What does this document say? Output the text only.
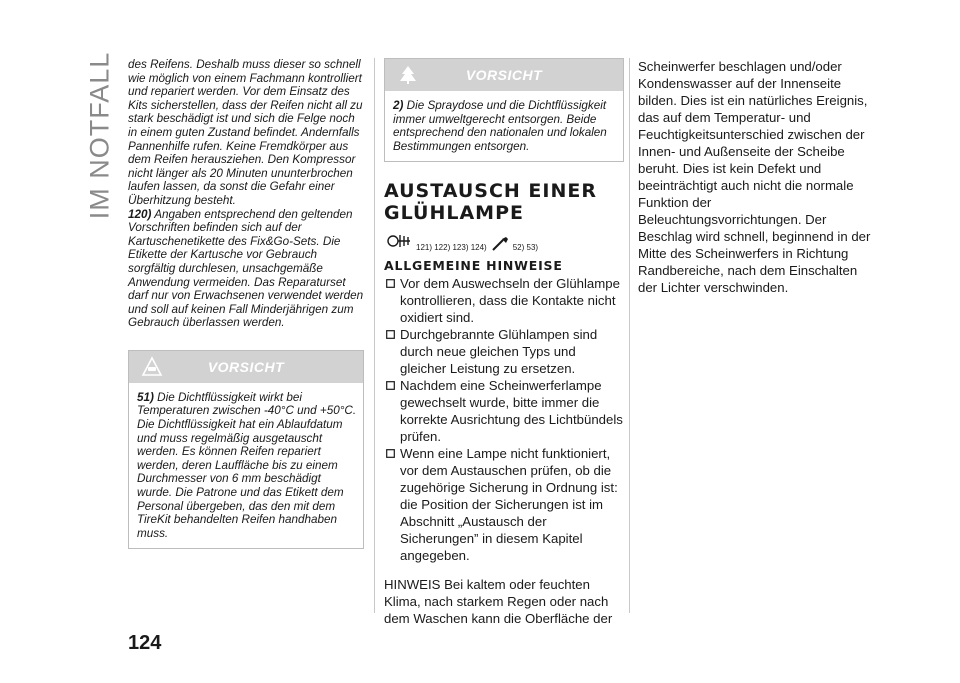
IM NOTFALL des Reifens. Deshalb muss dieser so schnell wie möglich von einem Fachmann kontrolliert und repariert werden. Vor dem Einsatz des Kits sicherstellen, dass der Reifen nicht all zu stark beschädigt ist und sich die Felge noch in einem guten Zustand befindet. Andernfalls Pannenhilfe rufen. Keine Fremdkörper aus dem Reifen herausziehen. Den Kompressor nicht länger als 20 Minuten ununterbrochen laufen lassen, da sonst die Gefahr einer Überhitzung besteht.

120) Angaben entsprechend den geltenden Vorschriften befinden sich auf der Kartuschenetikette des Fix&Go-Sets. Die Etikette der Kartusche vor Gebrauch sorgfältig durchlesen, unsachgemäße Anwendung vermeiden. Das Reparaturset darf nur von Erwachsenen verwendet werden und soll auf keinen Fall Minderjährigen zum Gebrauch überlassen werden.

VORSICHT

51) Die Dichtflüssigkeit wirkt bei Temperaturen zwischen -40°C und +50°C. Die Dichtflüssigkeit hat ein Ablaufdatum und muss regelmäßig ausgetauscht werden. Es können Reifen repariert werden, deren Lauffläche bis zu einem Durchmesser von 6 mm beschädigt wurde. Die Patrone und das Etikett dem Personal übergeben, das den mit dem TireKit behandelten Reifen handhaben muss.

VORSICHT

2) Die Spraydose und die Dichtflüssigkeit immer umweltgerecht entsorgen. Beide entsprechend den nationalen und lokalen Bestimmungen entsorgen.

AUSTAUSCH EINER GLÜHLAMPE
121) 122) 123) 124)	52) 53)
ALLGEMEINE HINWEISE

Vor dem Auswechseln der Glühlampe kontrollieren, dass die Kontakte nicht oxidiert sind.

Durchgebrannte Glühlampen sind durch neue gleichen Typs und gleicher Leistung zu ersetzen.

Nachdem eine Scheinwerferlampe gewechselt wurde, bitte immer die korrekte Ausrichtung des Lichtbündels prüfen.

Wenn eine Lampe nicht funktioniert, vor dem Austauschen prüfen, ob die zugehörige Sicherung in Ordnung ist: die Position der Sicherungen ist im Abschnitt „Austausch der Sicherungen” in diesem Kapitel angegeben.

HINWEIS Bei kaltem oder feuchten Klima, nach starkem Regen oder nach dem Waschen kann die Oberfläche der

Scheinwerfer beschlagen und/oder Kondenswasser auf der Innenseite bilden. Dies ist ein natürliches Ereignis, das auf dem Temperatur- und Feuchtigkeitsunterschied zwischen der Innen- und Außenseite der Scheibe beruht. Dies ist kein Defekt und beeinträchtigt auch nicht die normale Funktion der Beleuchtungsvorrichtungen. Der Beschlag wird schnell, beginnend in der Mitte des Scheinwerfers in Richtung Randbereiche, nach dem Einschalten der Lichter verschwinden.

124
